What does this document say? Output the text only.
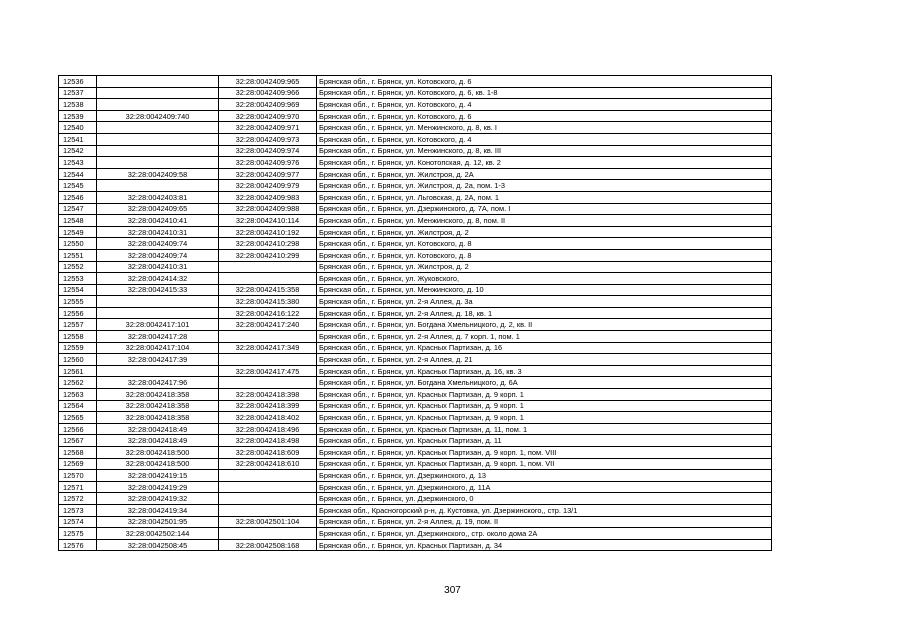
12536		32:28:0042409:965	Брянская обл., г. Брянск, ул. Котовского, д. 6
12537		32:28:0042409:966	Брянская обл., г. Брянск, ул. Котовского, д. 6, кв. 1-8
12538		32:28:0042409:969	Брянская обл., г. Брянск, ул. Котовского, д. 4
12539	32:28:0042409:740	32:28:0042409:970	Брянская обл., г. Брянск, ул. Котовского, д. 6
12540		32:28:0042409:971	Брянская обл., г. Брянск, ул. Менжинского, д. 8, кв. I
12541		32:28:0042409:973	Брянская обл., г. Брянск, ул. Котовского, д. 4
12542		32:28:0042409:974	Брянская обл., г. Брянск, ул. Менжинского, д. 8, кв. III
12543		32:28:0042409:976	Брянская обл., г. Брянск, ул. Конотопская, д. 12, кв. 2
12544	32:28:0042409:58	32:28:0042409:977	Брянская обл., г. Брянск, ул. Жилстроя, д. 2А
12545		32:28:0042409:979	Брянская обл., г. Брянск, ул. Жилстроя, д. 2а, пом. 1-3
12546	32:28:0042403:81	32:28:0042409:983	Брянская обл., г. Брянск, ул. Льговская, д. 2А, пом. 1
12547	32:28:0042409:65	32:28:0042409:988	Брянская обл., г. Брянск, ул. Дзержинского, д. 7А, пом. I
12548	32:28:0042410:41	32:28:0042410:114	Брянская обл., г. Брянск, ул. Менжинского, д. 8, пом. II
12549	32:28:0042410:31	32:28:0042410:192	Брянская обл., г. Брянск, ул. Жилстроя, д. 2
12550	32:28:0042409:74	32:28:0042410:298	Брянская обл., г. Брянск, ул. Котовского, д. 8
12551	32:28:0042409:74	32:28:0042410:299	Брянская обл., г. Брянск, ул. Котовского, д. 8
12552	32:28:0042410:31		Брянская обл., г. Брянск, ул. Жилстроя, д. 2
12553	32:28:0042414:32		Брянская обл., г. Брянск, ул. Жуковского,
12554	32:28:0042415:33	32:28:0042415:358	Брянская обл., г. Брянск, ул. Менжинского, д. 10
12555		32:28:0042415:380	Брянская обл., г. Брянск, ул. 2-я Аллея, д. 3а
12556		32:28:0042416:122	Брянская обл., г. Брянск, ул. 2-я Аллея, д. 18, кв. 1
12557	32:28:0042417:101	32:28:0042417:240	Брянская обл., г. Брянск, ул. Богдана Хмельницкого, д. 2, кв. II
12558	32:28:0042417:28		Брянская обл., г. Брянск, ул. 2-я Аллея, д. 7 корп. 1, пом. 1
12559	32:28:0042417:104	32:28:0042417:349	Брянская обл., г. Брянск, ул. Красных Партизан, д. 16
12560	32:28:0042417:39		Брянская обл., г. Брянск, ул. 2-я Аллея, д. 21
12561		32:28:0042417:475	Брянская обл., г. Брянск, ул. Красных Партизан, д. 16, кв. 3
12562	32:28:0042417:96		Брянская обл., г. Брянск, ул. Богдана Хмельницкого, д. 6А
12563	32:28:0042418:358	32:28:0042418:398	Брянская обл., г. Брянск, ул. Красных Партизан, д. 9 корп. 1
12564	32:28:0042418:358	32:28:0042418:399	Брянская обл., г. Брянск, ул. Красных Партизан, д. 9 корп. 1
12565	32:28:0042418:358	32:28:0042418:402	Брянская обл., г. Брянск, ул. Красных Партизан, д. 9 корп. 1
12566	32:28:0042418:49	32:28:0042418:496	Брянская обл., г. Брянск, ул. Красных Партизан, д. 11, пом. 1
12567	32:28:0042418:49	32:28:0042418:498	Брянская обл., г. Брянск, ул. Красных Партизан, д. 11
12568	32:28:0042418:500	32:28:0042418:609	Брянская обл., г. Брянск, ул. Красных Партизан, д. 9 корп. 1, пом. VIII
12569	32:28:0042418:500	32:28:0042418:610	Брянская обл., г. Брянск, ул. Красных Партизан, д. 9 корп. 1, пом. VII
12570	32:28:0042419:15		Брянская обл., г. Брянск, ул. Дзержинского, д. 13
12571	32:28:0042419:29		Брянская обл., г. Брянск, ул. Дзержинского, д. 11А
12572	32:28:0042419:32		Брянская обл., г. Брянск, ул. Дзержинского, 0
12573	32:28:0042419:34		Брянская обл., Красногорский р-н, д. Кустовка, ул. Дзержинского,, стр. 13/1
12574	32:28:0042501:95	32:28:0042501:104	Брянская обл., г. Брянск, ул. 2-я Аллея, д. 19, пом. II
12575	32:28:0042502:144		Брянская обл., г. Брянск, ул. Дзержинского,, стр. около дома 2А
12576	32:28:0042508:45	32:28:0042508:168	Брянская обл., г. Брянск, ул. Красных Партизан, д. 34
307
